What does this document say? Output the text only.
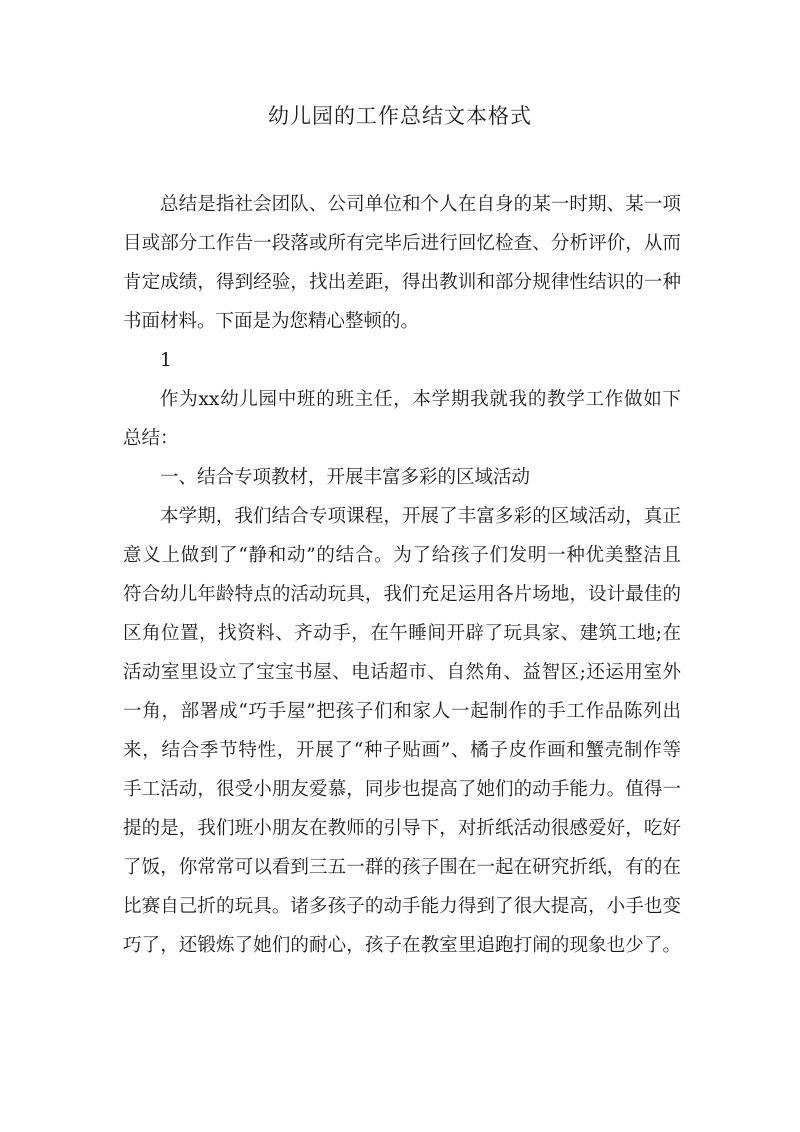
幼儿园的工作总结文本格式
总结是指社会团队、公司单位和个人在自身的某一时期、某一项
目或部分工作告一段落或所有完毕后进行回忆检查、分析评价，从而
肯定成绩，得到经验，找出差距，得出教训和部分规律性结识的一种
书面材料。下面是为您精心整顿的。
1
作为xx幼儿园中班的班主任，本学期我就我的教学工作做如下
总结：
一、结合专项教材，开展丰富多彩的区域活动
本学期，我们结合专项课程，开展了丰富多彩的区域活动，真正
意义上做到了“静和动”的结合。为了给孩子们发明一种优美整洁且
符合幼儿年龄特点的活动玩具，我们充足运用各片场地，设计最佳的
区角位置，找资料、齐动手，在午睡间开辟了玩具家、建筑工地;在
活动室里设立了宝宝书屋、电话超市、自然角、益智区;还运用室外
一角，部署成“巧手屋”把孩子们和家人一起制作的手工作品陈列出
来，结合季节特性，开展了“种子贴画”、橘子皮作画和蟹壳制作等
手工活动，很受小朋友爱慕，同步也提高了她们的动手能力。值得一
提的是，我们班小朋友在教师的引导下，对折纸活动很感爱好，吃好
了饭，你常常可以看到三五一群的孩子围在一起在研究折纸，有的在
比赛自己折的玩具。诸多孩子的动手能力得到了很大提高，小手也变
巧了，还锻炼了她们的耐心，孩子在教室里追跑打闹的现象也少了。
